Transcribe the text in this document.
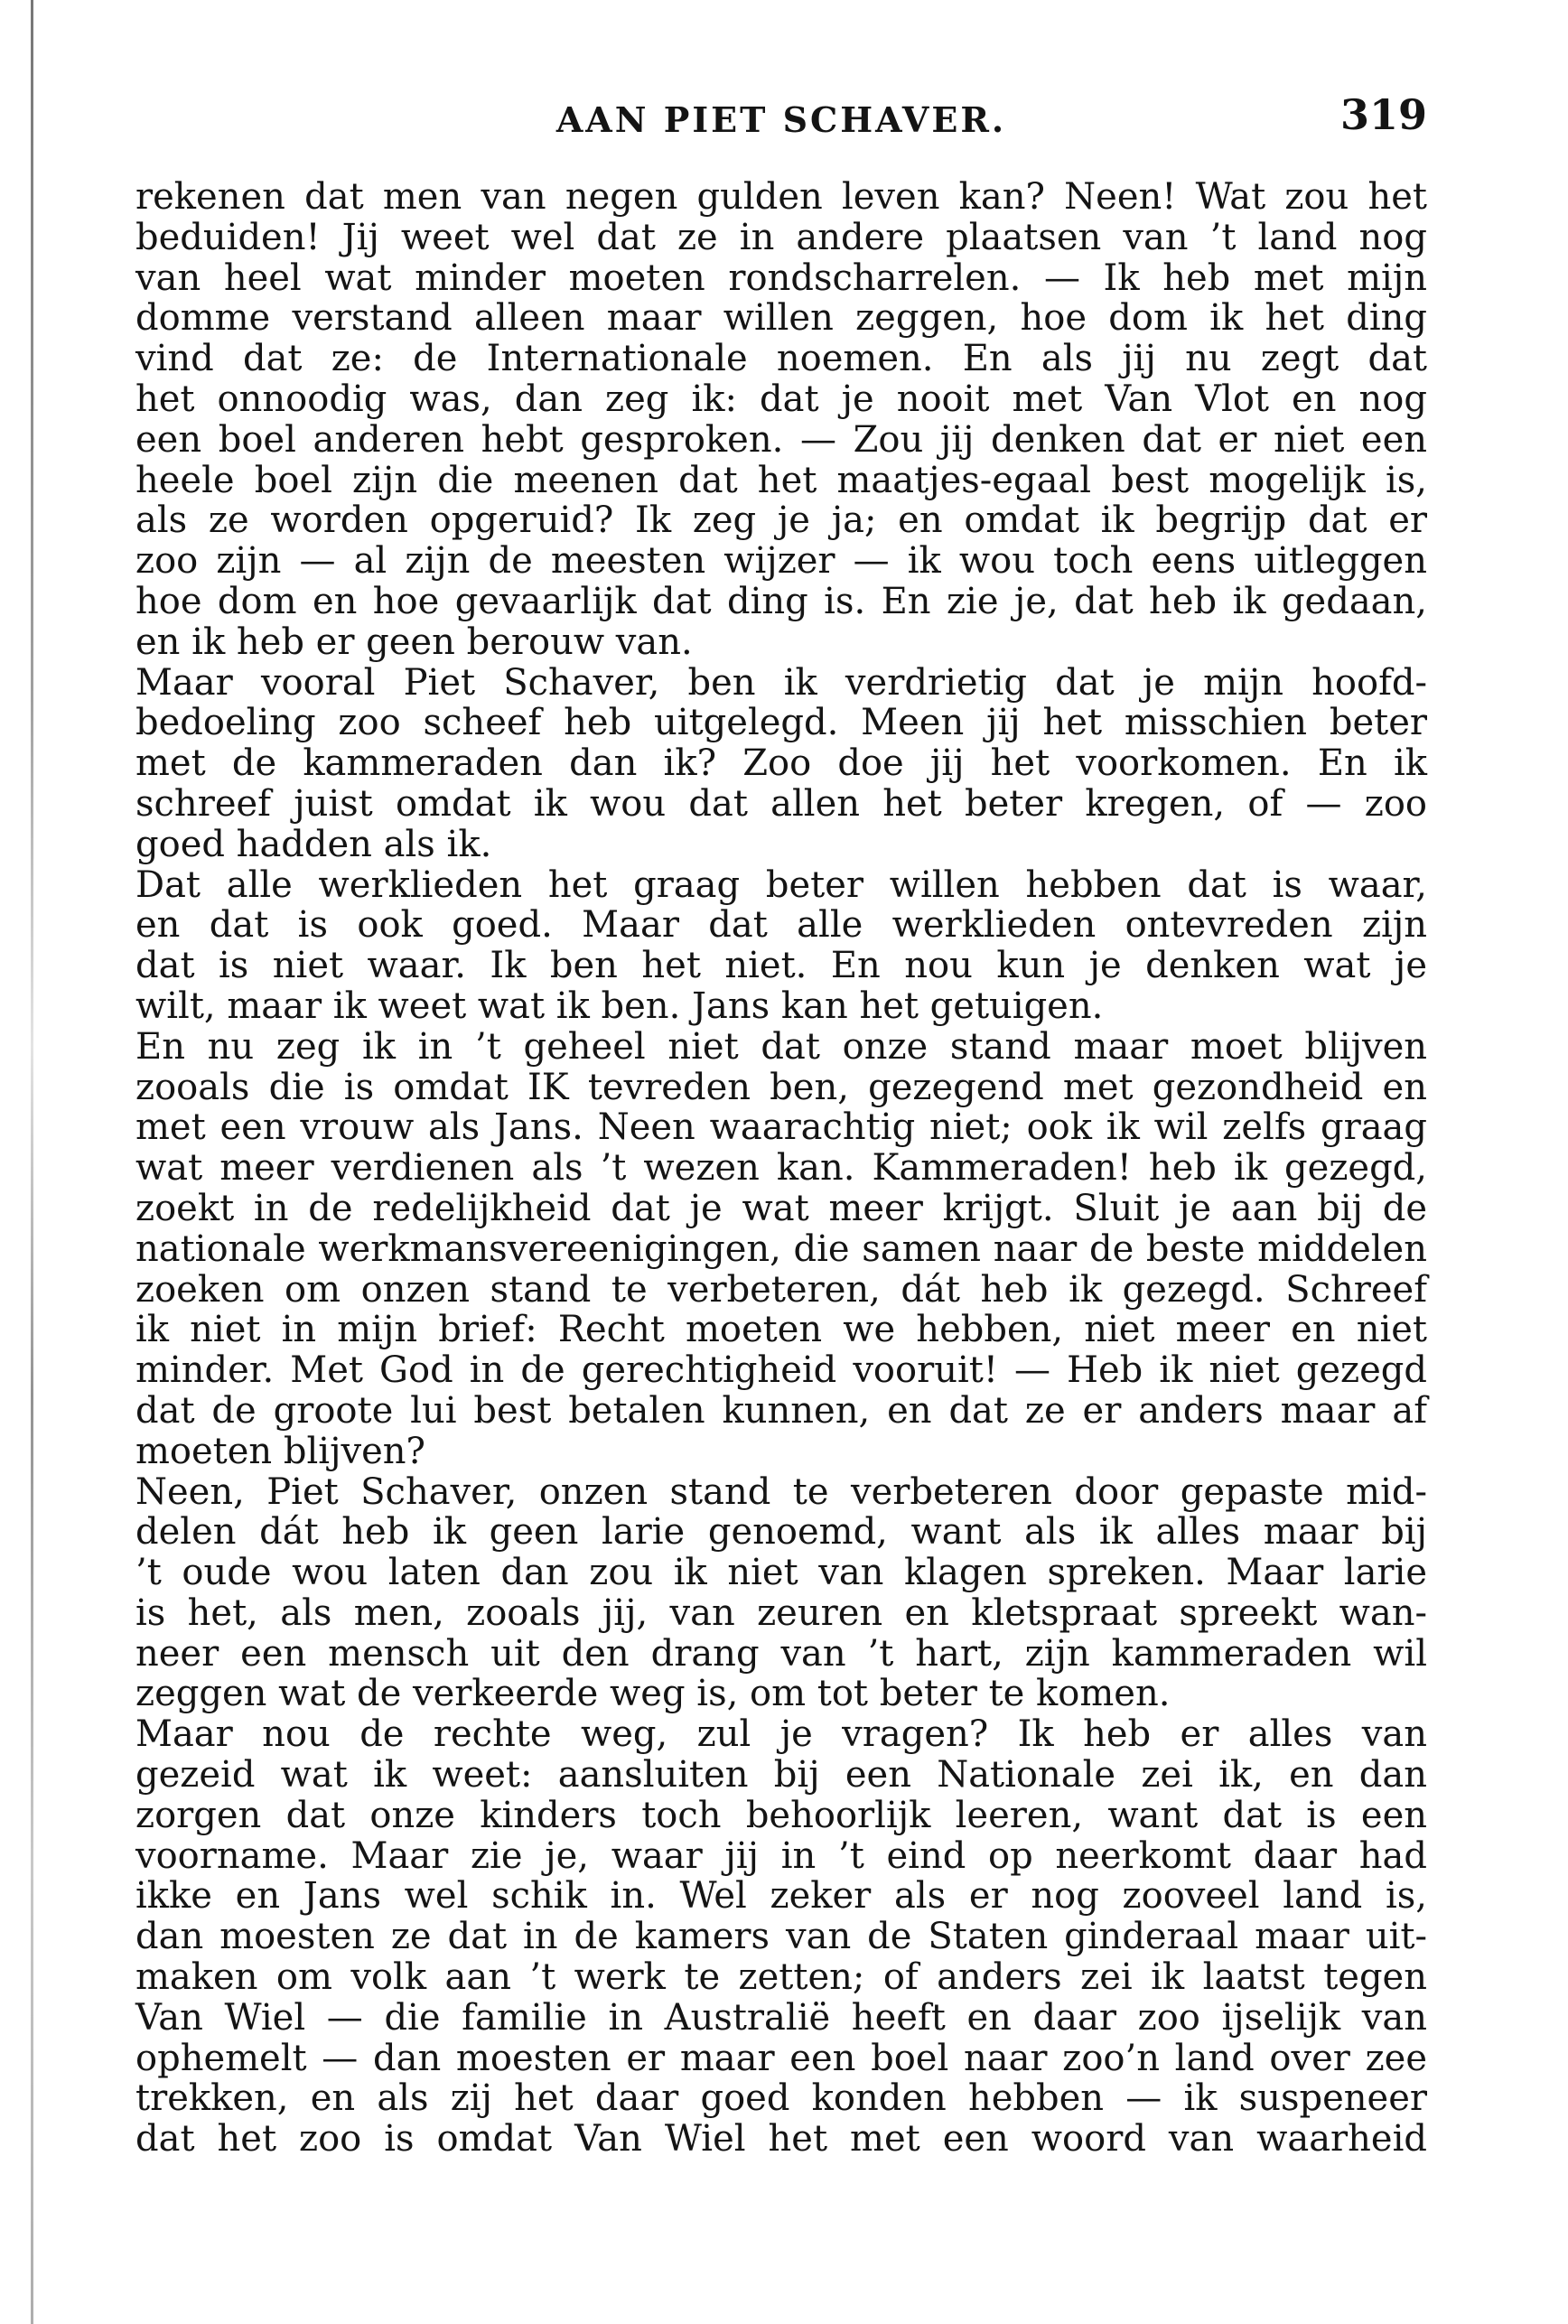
AAN PIET SCHAVER.	319
rekenen dat men van negen gulden leven kan? Neen! Wat zou het
beduiden! Jij weet wel dat ze in andere plaatsen van ’t land nog
van heel wat minder moeten rondscharrelen. — Ik heb met mijn
domme verstand alleen maar willen zeggen, hoe dom ik het ding
vind dat ze: de Internationale noemen. En als jij nu zegt dat
het onnoodig was, dan zeg ik: dat je nooit met Van Vlot en nog
een boel anderen hebt gesproken. — Zou jij denken dat er niet een
heele boel zijn die meenen dat het maatjes-egaal best mogelijk is,
als ze worden opgeruid? Ik zeg je ja; en omdat ik begrijp dat er
zoo zijn — al zijn de meesten wijzer — ik wou toch eens uitleggen
hoe dom en hoe gevaarlijk dat ding is. En zie je, dat heb ik gedaan,
en ik heb er geen berouw van.
Maar vooral Piet Schaver, ben ik verdrietig dat je mijn hoofd-
bedoeling zoo scheef heb uitgelegd. Meen jij het misschien beter
met de kammeraden dan ik? Zoo doe jij het voorkomen. En ik
schreef juist omdat ik wou dat allen het beter kregen, of — zoo
goed hadden als ik.
Dat alle werklieden het graag beter willen hebben dat is waar,
en dat is ook goed. Maar dat alle werklieden ontevreden zijn
dat is niet waar. Ik ben het niet. En nou kun je denken wat je
wilt, maar ik weet wat ik ben. Jans kan het getuigen.
En nu zeg ik in ’t geheel niet dat onze stand maar moet blijven
zooals die is omdat IK tevreden ben, gezegend met gezondheid en
met een vrouw als Jans. Neen waarachtig niet; ook ik wil zelfs graag
wat meer verdienen als ’t wezen kan. Kammeraden! heb ik gezegd,
zoekt in de redelijkheid dat je wat meer krijgt. Sluit je aan bij de
nationale werkmansvereenigingen, die samen naar de beste middelen
zoeken om onzen stand te verbeteren, dát heb ik gezegd. Schreef
ik niet in mijn brief: Recht moeten we hebben, niet meer en niet
minder. Met God in de gerechtigheid vooruit! — Heb ik niet gezegd
dat de groote lui best betalen kunnen, en dat ze er anders maar af
moeten blijven?
Neen, Piet Schaver, onzen stand te verbeteren door gepaste mid-
delen dát heb ik geen larie genoemd, want als ik alles maar bij
’t oude wou laten dan zou ik niet van klagen spreken. Maar larie
is het, als men, zooals jij, van zeuren en kletspraat spreekt wan-
neer een mensch uit den drang van ’t hart, zijn kammeraden wil
zeggen wat de verkeerde weg is, om tot beter te komen.
Maar nou de rechte weg, zul je vragen? Ik heb er alles van
gezeid wat ik weet: aansluiten bij een Nationale zei ik, en dan
zorgen dat onze kinders toch behoorlijk leeren, want dat is een
voorname. Maar zie je, waar jij in ’t eind op neerkomt daar had
ikke en Jans wel schik in. Wel zeker als er nog zooveel land is,
dan moesten ze dat in de kamers van de Staten ginderaal maar uit-
maken om volk aan ’t werk te zetten; of anders zei ik laatst tegen
Van Wiel — die familie in Australië heeft en daar zoo ijselijk van
ophemelt — dan moesten er maar een boel naar zoo’n land over zee
trekken, en als zij het daar goed konden hebben — ik suspeneer
dat het zoo is omdat Van Wiel het met een woord van waarheid
